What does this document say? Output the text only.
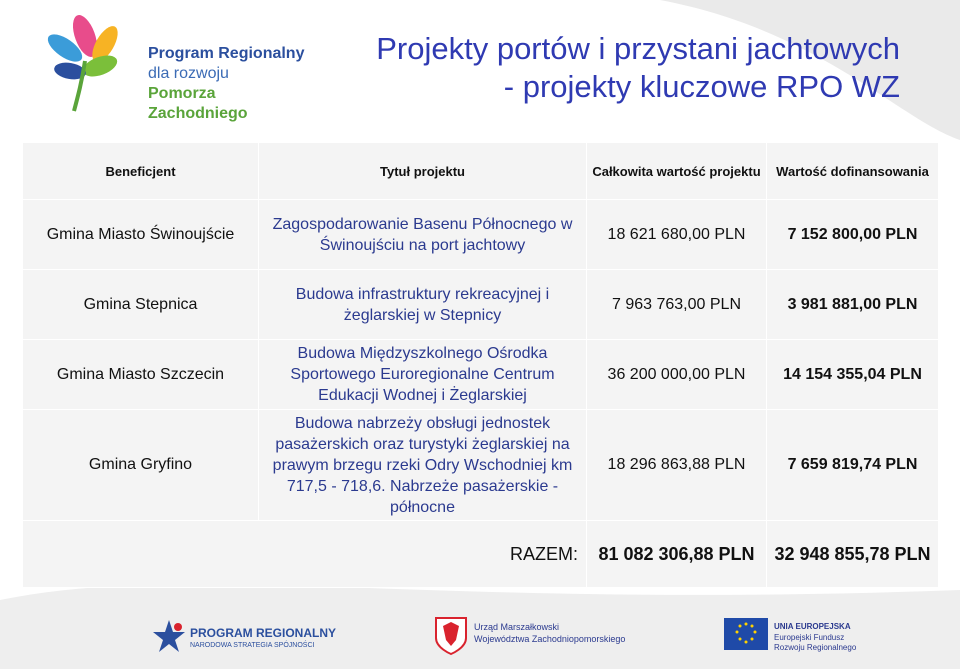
Program Regionalny
dla rozwoju
Pomorza Zachodniego
Projekty portów i przystani jachtowych
- projekty kluczowe RPO WZ
Beneficjent	Tytuł projektu	Całkowita wartość projektu	Wartość dofinansowania
Gmina Miasto Świnoujście	Zagospodarowanie Basenu Północnego w Świnoujściu na port jachtowy	18 621 680,00 PLN	7 152 800,00 PLN
Gmina Stepnica	Budowa infrastruktury rekreacyjnej i żeglarskiej w Stepnicy	7 963 763,00 PLN	3 981 881,00 PLN
Gmina Miasto Szczecin	Budowa Międzyszkolnego Ośrodka Sportowego Euroregionalne Centrum Edukacji Wodnej i Żeglarskiej	36 200 000,00 PLN	14 154 355,04 PLN
Gmina Gryfino	Budowa nabrzeży obsługi jednostek pasażerskich oraz turystyki żeglarskiej na prawym brzegu rzeki Odry Wschodniej km 717,5 - 718,6. Nabrzeże pasażerskie - północne	18 296 863,88 PLN	7 659 819,74 PLN
RAZEM:		81 082 306,88 PLN	32 948 855,78 PLN
PROGRAM REGIONALNY
NARODOWA STRATEGIA SPÓJNOŚCI
Urząd Marszałkowski
Województwa Zachodniopomorskiego
UNIA EUROPEJSKA
Europejski Fundusz
Rozwoju Regionalnego
